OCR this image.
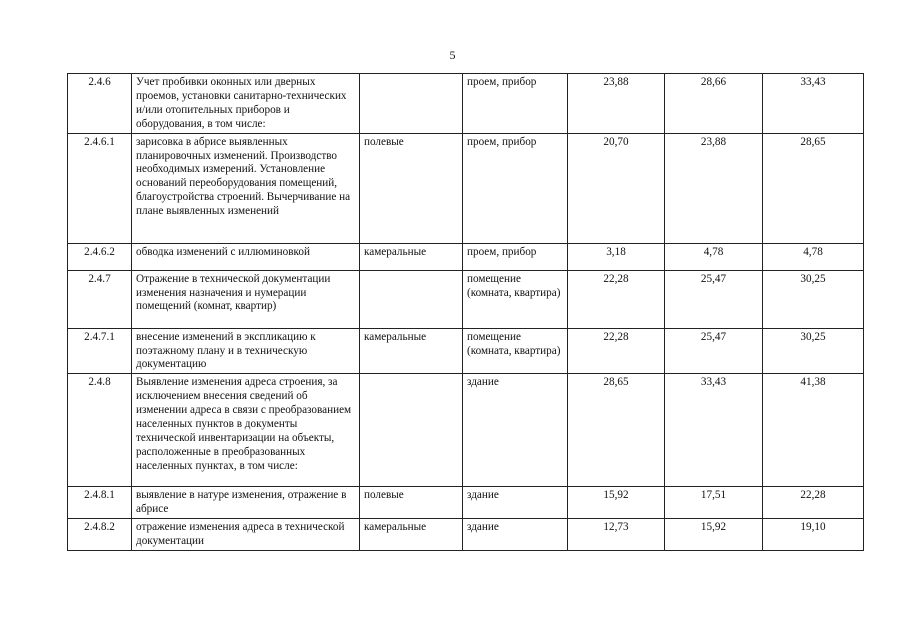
5
2.4.6	Учет пробивки оконных или дверных проемов, установки санитарно-технических и/или отопительных приборов и оборудования, в том числе:		проем, прибор	23,88	28,66	33,43
2.4.6.1	зарисовка в абрисе выявленных планировочных изменений. Производство необходимых измерений. Установление оснований переоборудования помещений, благоустройства строений. Вычерчивание на плане выявленных изменений	полевые	проем, прибор	20,70	23,88	28,65
2.4.6.2	обводка изменений с иллюминовкой	камеральные	проем, прибор	3,18	4,78	4,78
2.4.7	Отражение в технической документации изменения назначения и нумерации помещений (комнат, квартир)		помещение (комната, квартира)	22,28	25,47	30,25
2.4.7.1	внесение изменений в экспликацию к поэтажному плану и в техническую документацию	камеральные	помещение (комната, квартира)	22,28	25,47	30,25
2.4.8	Выявление изменения адреса строения, за исключением внесения сведений об изменении адреса в связи с преобразованием населенных пунктов в документы технической инвентаризации на объекты, расположенные в преобразованных населенных пунктах, в том числе:		здание	28,65	33,43	41,38
2.4.8.1	выявление в натуре изменения, отражение в абрисе	полевые	здание	15,92	17,51	22,28
2.4.8.2	отражение изменения адреса в технической документации	камеральные	здание	12,73	15,92	19,10
